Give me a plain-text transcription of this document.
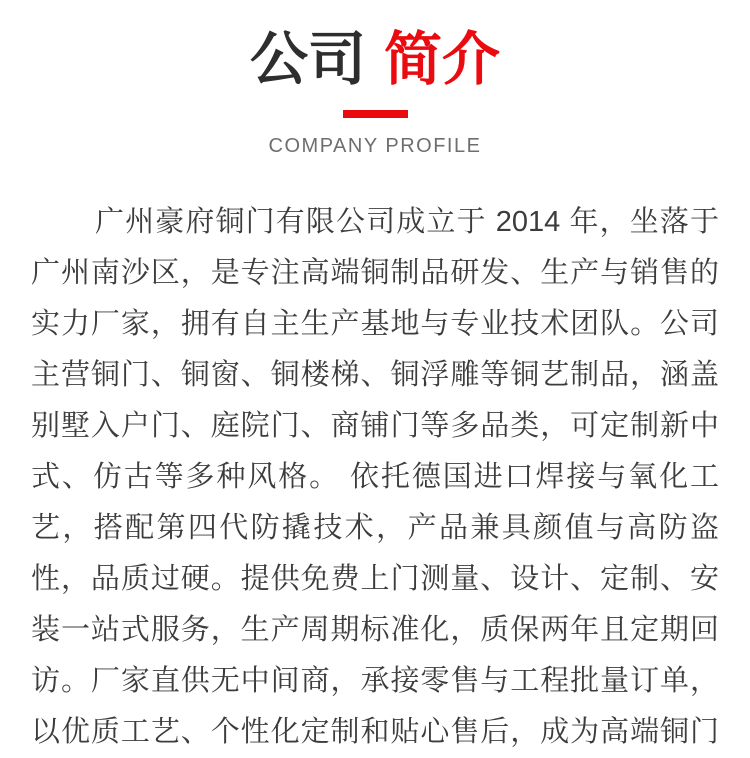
公司 简介
COMPANY PROFILE
广州豪府铜门有限公司成立于 2014 年，坐落于
广州南沙区，是专注高端铜制品研发、生产与销售的
实力厂家，拥有自主生产基地与专业技术团队。公司
主营铜门、铜窗、铜楼梯、铜浮雕等铜艺制品，涵盖
别墅入户门、庭院门、商铺门等多品类，可定制新中
式、仿古等多种风格。 依托德国进口焊接与氧化工
艺，搭配第四代防撬技术，产品兼具颜值与高防盗
性，品质过硬。提供免费上门测量、设计、定制、安
装一站式服务，生产周期标准化，质保两年且定期回
访。厂家直供无中间商，承接零售与工程批量订单，
以优质工艺、个性化定制和贴心售后，成为高端铜门
